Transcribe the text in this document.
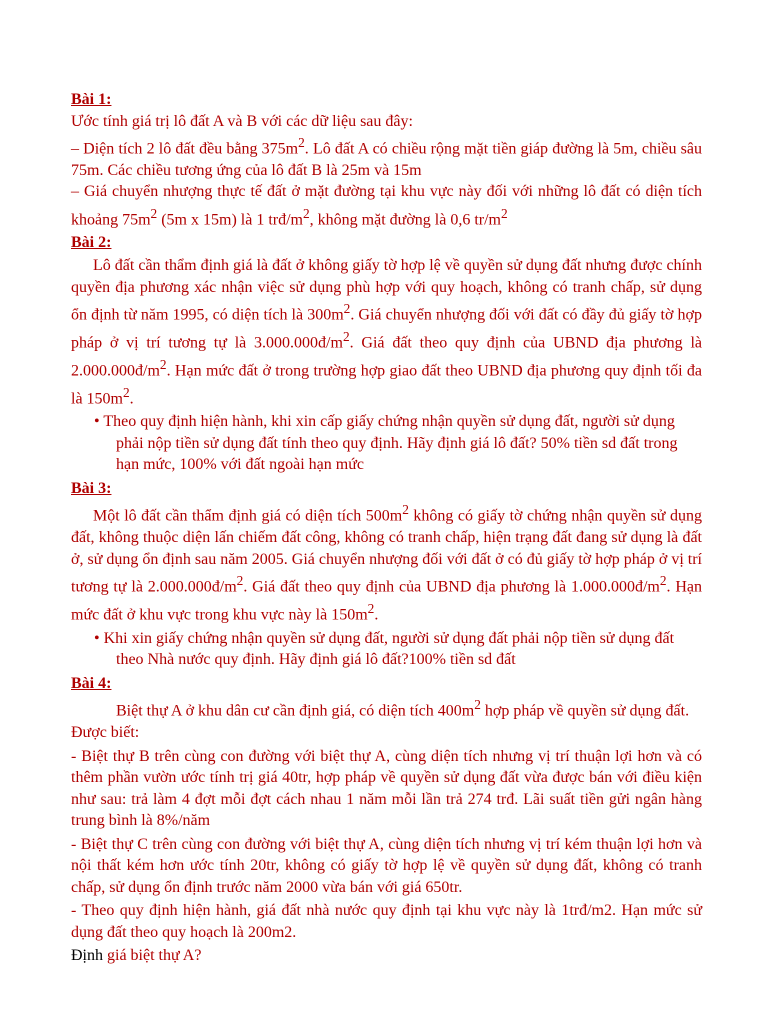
Bài 1:

Ước tính giá trị lô đất A và B với các dữ liệu sau đây:

– Diện tích 2 lô đất đều bằng $375m^2$. Lô đất A có chiều rộng mặt tiền giáp đường là 5m, chiều sâu 75m. Các chiều tương ứng của lô đất B là 25m và 15m

– Giá chuyển nhượng thực tế đất ở mặt đường tại khu vực này đối với những lô đất có diện tích khoảng $75m^2$ (5m x 15m) là 1 trđ/$m^2$, không mặt đường là 0,6 $tr/m^2$

Bài 2:

Lô đất cần thẩm định giá là đất ở không giấy tờ hợp lệ về quyền sử dụng đất nhưng được chính quyền địa phương xác nhận việc sử dụng phù hợp với quy hoạch, không có tranh chấp, sử dụng ổn định từ năm 1995, có diện tích là $300m^2$. Giá chuyển nhượng đối với đất có đầy đủ giấy tờ hợp pháp ở vị trí tương tự là $3.000.000đ/m^2$. Giá đất theo quy định của UBND địa phương là $2.000.000đ/m^2$. Hạn mức đất ở trong trường hợp giao đất theo UBND địa phương quy định tối đa là $150m^2$.

• Theo quy định hiện hành, khi xin cấp giấy chứng nhận quyền sử dụng đất, người sử dụng phải nộp tiền sử dụng đất tính theo quy định. Hãy định giá lô đất? 50% tiền sd đất trong hạn mức, 100% với đất ngoài hạn mức

Bài 3:

Một lô đất cần thẩm định giá có diện tích $500m^2$ không có giấy tờ chứng nhận quyền sử dụng đất, không thuộc diện lấn chiếm đất công, không có tranh chấp, hiện trạng đất đang sử dụng là đất ở, sử dụng ổn định sau năm 2005. Giá chuyển nhượng đối với đất ở có đủ giấy tờ hợp pháp ở vị trí tương tự là $2.000.000đ/m^2$. Giá đất theo quy định của UBND địa phương là $1.000.000đ/m^2$. Hạn mức đất ở khu vực trong khu vực này là $150m^2$.

• Khi xin giấy chứng nhận quyền sử dụng đất, người sử dụng đất phải nộp tiền sử dụng đất theo Nhà nước quy định. Hãy định giá lô đất?100% tiền sd đất

Bài 4:

Biệt thự A ở khu dân cư cần định giá, có diện tích $400m^2$ hợp pháp về quyền sử dụng đất.

Được biết:

- Biệt thự B trên cùng con đường với biệt thự A, cùng diện tích nhưng vị trí thuận lợi hơn và có thêm phần vườn ước tính trị giá 40tr, hợp pháp về quyền sử dụng đất vừa được bán với điều kiện như sau: trả làm 4 đợt mỗi đợt cách nhau 1 năm mỗi lần trả 274 trđ. Lãi suất tiền gửi ngân hàng trung bình là 8%/năm

- Biệt thự C trên cùng con đường với biệt thự A, cùng diện tích nhưng vị trí kém thuận lợi hơn và nội thất kém hơn ước tính 20tr, không có giấy tờ hợp lệ về quyền sử dụng đất, không có tranh chấp, sử dụng ổn định trước năm 2000 vừa bán với giá 650tr.

- Theo quy định hiện hành, giá đất nhà nước quy định tại khu vực này là 1trđ/m2. Hạn mức sử dụng đất theo quy hoạch là 200m2.

Định giá biệt thự A?
